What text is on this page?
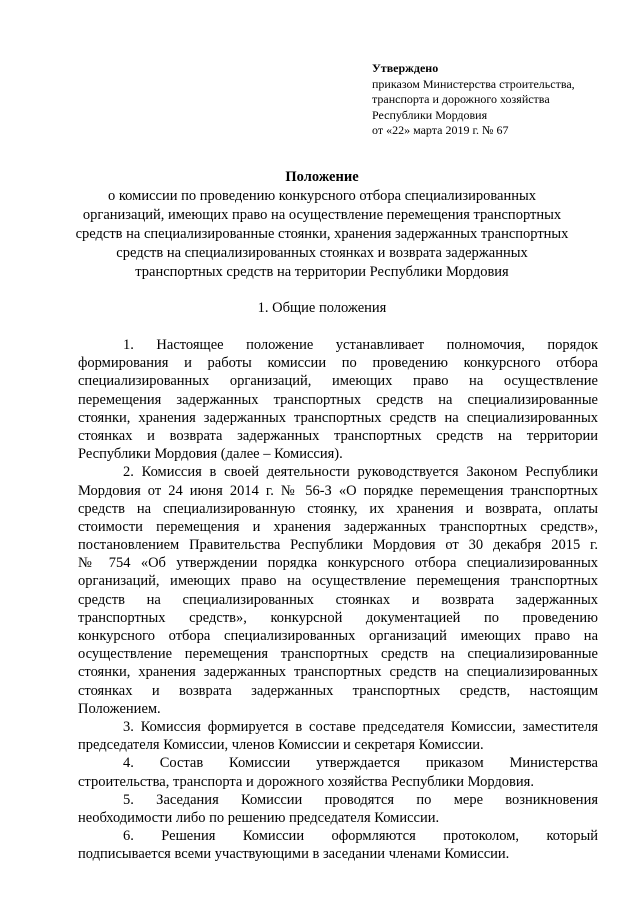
Утверждено
приказом Министерства строительства,
транспорта и дорожного хозяйства
Республики Мордовия
от «22» марта 2019 г. № 67
Положение
о комиссии по проведению конкурсного отбора специализированных
организаций, имеющих право на осуществление перемещения транспортных
средств на специализированные стоянки, хранения задержанных транспортных
средств на специализированных стоянках и возврата задержанных
транспортных средств на территории Республики Мордовия
1. Общие положения
1. Настоящее положение устанавливает полномочия, порядок
формирования и работы комиссии по проведению конкурсного отбора
специализированных организаций, имеющих право на осуществление
перемещения задержанных транспортных средств на специализированные
стоянки, хранения задержанных транспортных средств на специализированных
стоянках и возврата задержанных транспортных средств на территории
Республики Мордовия (далее – Комиссия).
2. Комиссия в своей деятельности руководствуется Законом Республики
Мордовия от 24 июня 2014 г. № 56-З «О порядке перемещения транспортных
средств на специализированную стоянку, их хранения и возврата, оплаты
стоимости перемещения и хранения задержанных транспортных средств»,
постановлением Правительства Республики Мордовия от 30 декабря 2015 г.
№ 754 «Об утверждении порядка конкурсного отбора специализированных
организаций, имеющих право на осуществление перемещения транспортных
средств на специализированных стоянках и возврата задержанных
транспортных средств», конкурсной документацией по проведению
конкурсного отбора специализированных организаций имеющих право на
осуществление перемещения транспортных средств на специализированные
стоянки, хранения задержанных транспортных средств на специализированных
стоянках и возврата задержанных транспортных средств, настоящим
Положением.
3. Комиссия формируется в составе председателя Комиссии, заместителя
председателя Комиссии, членов Комиссии и секретаря Комиссии.
4. Состав Комиссии утверждается приказом Министерства
строительства, транспорта и дорожного хозяйства Республики Мордовия.
5. Заседания Комиссии проводятся по мере возникновения
необходимости либо по решению председателя Комиссии.
6. Решения Комиссии оформляются протоколом, который
подписывается всеми участвующими в заседании членами Комиссии.
